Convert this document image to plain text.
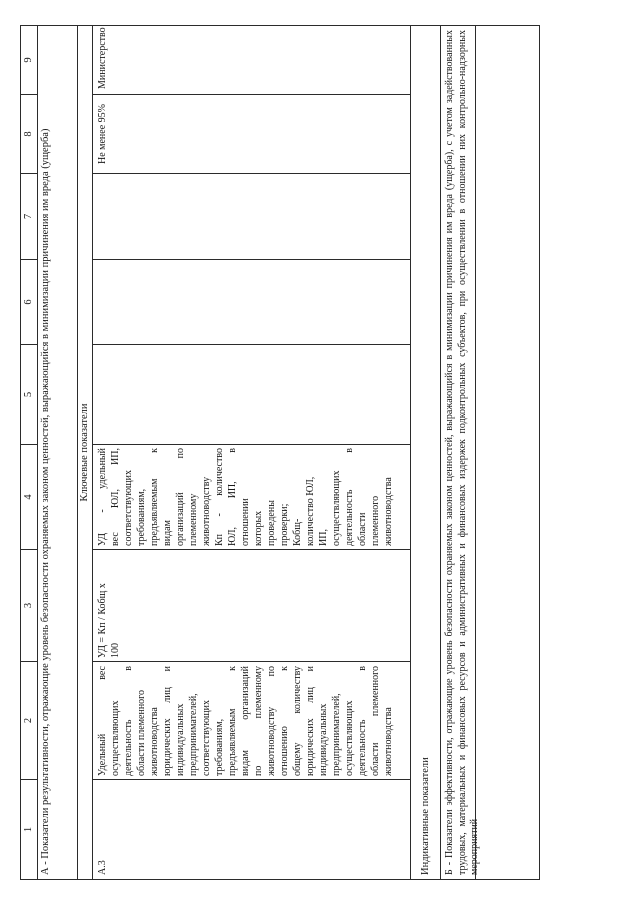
1
2
3
4
5
6
7
8
9
А - Показатели результативности, отражающие уровень безопасности охраняемых законом ценностей, выражающийся в минимизации причинения им вреда (ущерба)	Ключевые показатели
А.3
Удельный вес осуществляющих деятельность в области племенного животноводства юридических лиц и индивидуальных предпринимателей, соответствующих требованиям, предъявляемым к видам организаций по племенному животноводству по отношению к общему количеству юридических лиц и индивидуальных предпринимателей, осуществляющих деятельность в области племенного животноводства
УД = Кп / Кобщ х 100
УД - удельный вес ЮЛ, ИП, соответствующих требованиям, предъявляемым к видам организаций по племенному животноводству Кп - количество ЮЛ, ИП, в отношении которых проведены проверки; Кобщ- количество ЮЛ, ИП, осуществляющих деятельность в области племенного животноводства
Не менее 95%
Министерство
Индикативные показатели Б - Показатели эффективности, отражающие уровень безопасности охраняемых законом ценностей, выражающийся в минимизации причинения им вреда (ущерба), с учетом задействованных трудовых, материальных и финансовых ресурсов и административных и финансовых издержек подконтрольных субъектов, при осуществлении в отношении них контрольно-надзорных мероприятий
